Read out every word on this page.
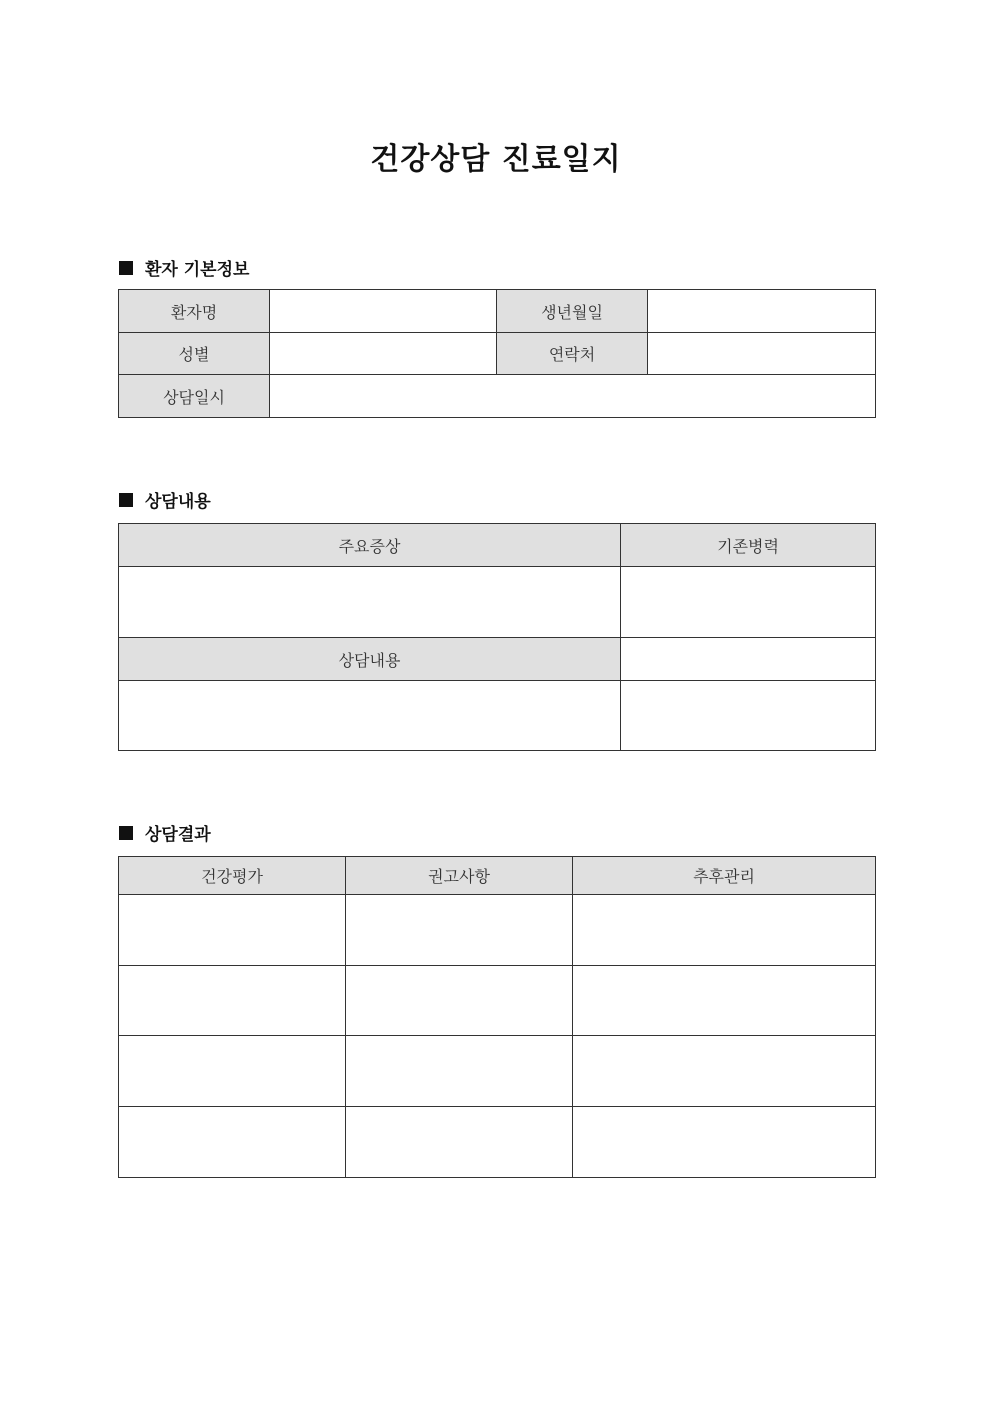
건강상담 진료일지
환자 기본정보
환자명		생년월일	
성별		연락처	
상담일시			
상담내용
주요증상	기존병력

상담내용	

상담결과
건강평가	권고사항	추후관리
